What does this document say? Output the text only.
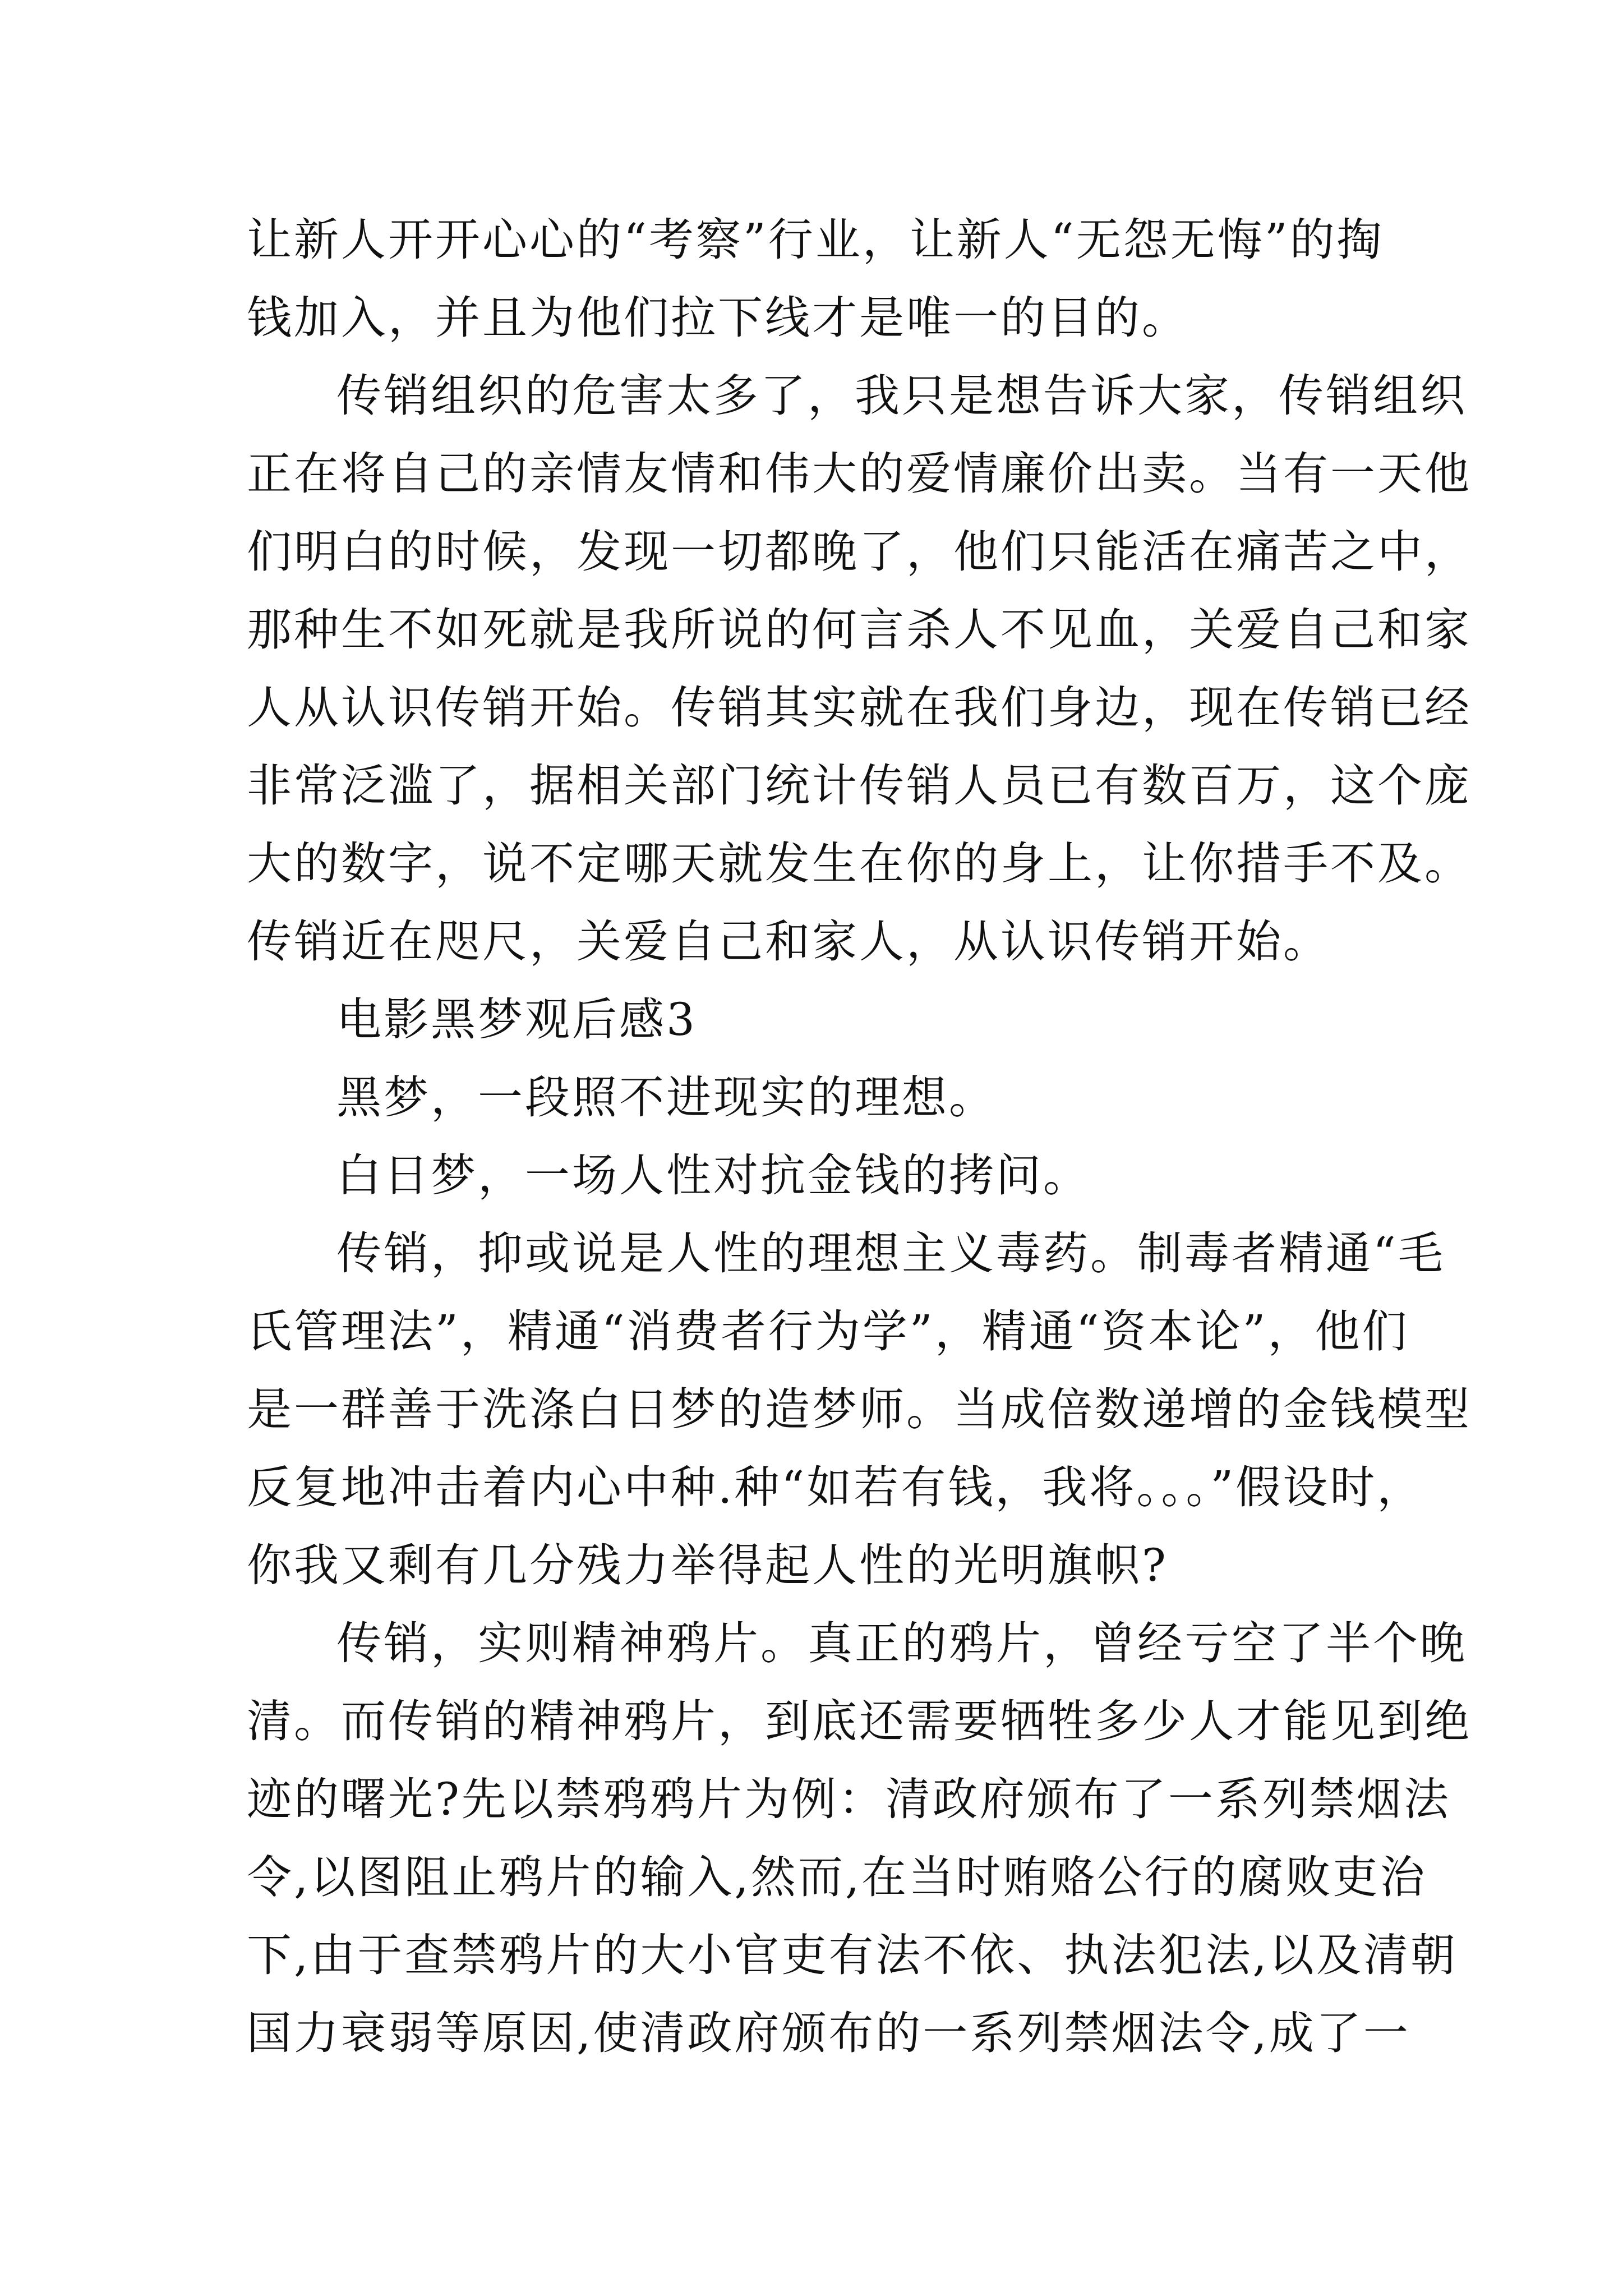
让新人开开心心的“考察”行业，让新人“无怨无悔”的掏
钱加入，并且为他们拉下线才是唯一的目的。
传销组织的危害太多了，我只是想告诉大家，传销组织
正在将自己的亲情友情和伟大的爱情廉价出卖。当有一天他
们明白的时候，发现一切都晚了，他们只能活在痛苦之中，
那种生不如死就是我所说的何言杀人不见血，关爱自己和家
人从认识传销开始。传销其实就在我们身边，现在传销已经
非常泛滥了，据相关部门统计传销人员已有数百万，这个庞
大的数字，说不定哪天就发生在你的身上，让你措手不及。
传销近在咫尺，关爱自己和家人，从认识传销开始。
电影黑梦观后感3
黑梦，一段照不进现实的理想。
白日梦，一场人性对抗金钱的拷问。
传销，抑或说是人性的理想主义毒药。制毒者精通“毛
氏管理法”，精通“消费者行为学”，精通“资本论”，他们
是一群善于洗涤白日梦的造梦师。当成倍数递增的金钱模型
反复地冲击着内心中种.种“如若有钱，我将。。。”假设时，
你我又剩有几分残力举得起人性的光明旗帜?
传销，实则精神鸦片。真正的鸦片，曾经亏空了半个晚
清。而传销的精神鸦片，到底还需要牺牲多少人才能见到绝
迹的曙光?先以禁鸦鸦片为例：清政府颁布了一系列禁烟法
令,以图阻止鸦片的输入,然而,在当时贿赂公行的腐败吏治
下,由于查禁鸦片的大小官吏有法不依、执法犯法,以及清朝
国力衰弱等原因,使清政府颁布的一系列禁烟法令,成了一
